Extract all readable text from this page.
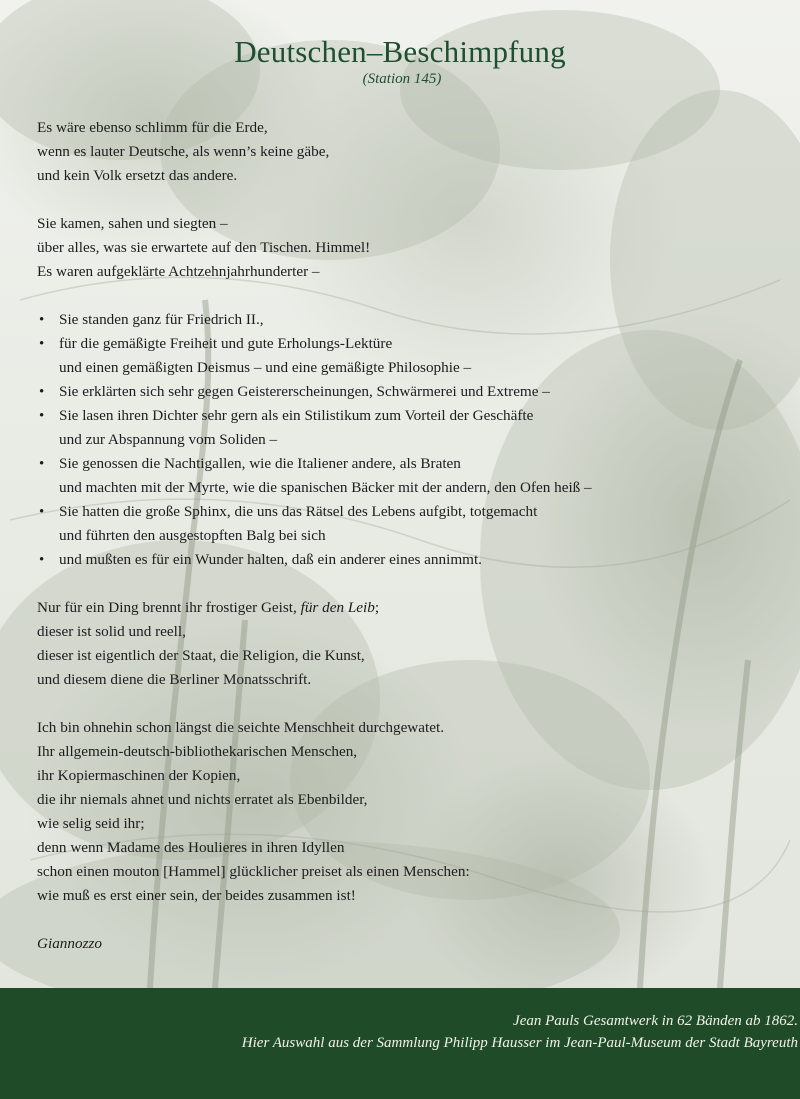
Deutschen–Beschimpfung

(Station 145)

Es wäre ebenso schlimm für die Erde,
wenn es lauter Deutsche, als wenn’s keine gäbe,
und kein Volk ersetzt das andere.

Sie kamen, sahen und siegten –
über alles, was sie erwartete auf den Tischen. Himmel!
Es waren aufgeklärte Achtzehnjahrhunderter –

• Sie standen ganz für Friedrich II.,
• für die gemäßigte Freiheit und gute Erholungs-Lektüre
und einen gemäßigten Deismus – und eine gemäßigte Philosophie –
• Sie erklärten sich sehr gegen Geistererscheinungen, Schwärmerei und Extreme –
• Sie lasen ihren Dichter sehr gern als ein Stilistikum zum Vorteil der Geschäfte
und zur Abspannung vom Soliden –
• Sie genossen die Nachtigallen, wie die Italiener andere, als Braten
und machten mit der Myrte, wie die spanischen Bäcker mit der andern, den Ofen heiß –
• Sie hatten die große Sphinx, die uns das Rätsel des Lebens aufgibt, totgemacht
und führten den ausgestopften Balg bei sich
• und mußten es für ein Wunder halten, daß ein anderer eines annimmt.

Nur für ein Ding brennt ihr frostiger Geist, für den Leib;
dieser ist solid und reell,
dieser ist eigentlich der Staat, die Religion, die Kunst,
und diesem diene die Berliner Monatsschrift.

Ich bin ohnehin schon längst die seichte Menschheit durchgewatet.
Ihr allgemein-deutsch-bibliothekarischen Menschen,
ihr Kopiermaschinen der Kopien,
die ihr niemals ahnet und nichts erratet als Ebenbilder,
wie selig seid ihr;
denn wenn Madame des Houlieres in ihren Idyllen
schon einen mouton [Hammel] glücklicher preiset als einen Menschen:
wie muß es erst einer sein, der beides zusammen ist!

Giannozzo

Jean Pauls Gesamtwerk in 62 Bänden ab 1862.
Hier Auswahl aus der Sammlung Philipp Hausser im Jean-Paul-Museum der Stadt Bayreuth
